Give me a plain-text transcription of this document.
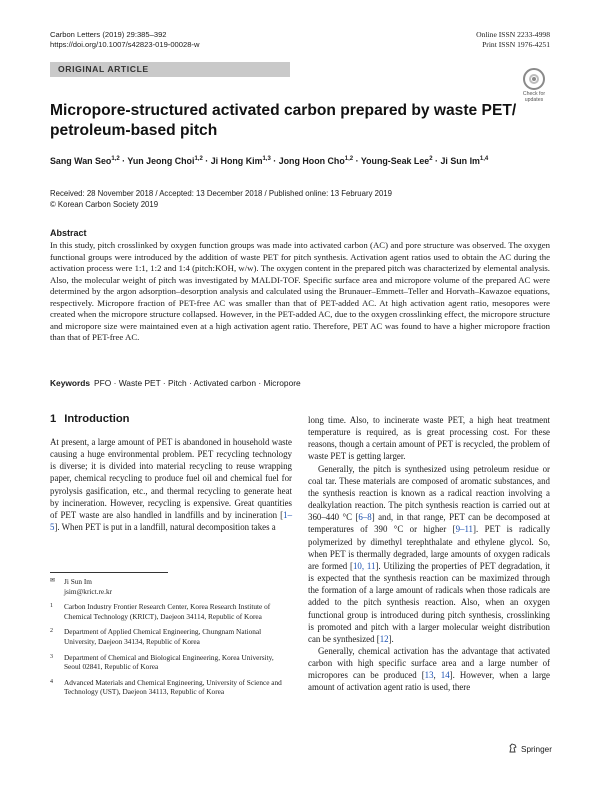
Carbon Letters (2019) 29:385–392
https://doi.org/10.1007/s42823-019-00028-w
Online ISSN 2233-4998
Print ISSN 1976-4251
ORIGINAL ARTICLE
Check for
updates
Micropore-structured activated carbon prepared by waste PET/
petroleum-based pitch
Sang Wan Seo$^{1,2}$ · Yun Jeong Choi$^{1,2}$ · Ji Hong Kim$^{1,3}$ · Jong Hoon Cho$^{1,2}$ · Young-Seak Lee$^2$ · Ji Sun Im$^{1,4}$
Received: 28 November 2018 / Accepted: 13 December 2018 / Published online: 13 February 2019
© Korean Carbon Society 2019
Abstract
In this study, pitch crosslinked by oxygen function groups was made into activated carbon (AC) and pore structure was observed. The oxygen functional groups were introduced by the addition of waste PET for pitch synthesis. Activation agent ratios used to obtain the AC during the activation process were 1:1, 1:2 and 1:4 (pitch:KOH, w/w). The oxygen content in the prepared pitch was characterized by elemental analysis. Also, the molecular weight of pitch was investigated by MALDI-TOF. Specific surface area and micropore volume of the prepared AC were determined by the argon adsorption–desorption analysis and calculated using the Brunauer–Emmett–Teller and Horvath–Kawazoe equations, respectively. Micropore fraction of PET-free AC was smaller than that of PET-added AC. At high activation agent ratio, mesopores were created when the micropore structure collapsed. However, in the PET-added AC, due to the oxygen crosslinking effect, the micropore structure and micropore size were maintained even at a high activation agent ratio. Therefore, PET AC was found to have a higher micropore fraction than that of PET-free AC.
Keywords PFO · Waste PET · Pitch · Activated carbon · Micropore
1 Introduction

At present, a large amount of PET is abandoned in household waste causing a huge environmental problem. PET recycling technology is diverse; it is divided into material recycling to reuse wrapping paper, chemical recycling to produce fuel oil and chemical fuel for pyrolysis gasification, etc., and thermal recycling to generate heat by incineration. However, recycling is expensive. Great quantities of PET waste are also handled in landfills and by incineration [1–5]. When PET is put in a landfill, natural decomposition takes a

long time. Also, to incinerate waste PET, a high heat treatment temperature is required, as is great processing cost. For these reasons, though a certain amount of PET is recycled, the problem of waste PET is getting larger.

Generally, the pitch is synthesized using petroleum residue or coal tar. These materials are composed of aromatic substances, and the synthesis reaction is known as a radical reaction involving a dealkylation reaction. The pitch synthesis reaction is carried out at 360–440 °C [6–8] and, in that range, PET can be decomposed at temperatures of 390 °C or higher [9–11]. PET is radically polymerized by dimethyl terephthalate and ethylene glycol. So, when PET is thermally degraded, large amounts of oxygen radicals are formed [10, 11]. Utilizing the properties of PET degradation, it is expected that the synthesis reaction can be maximized through the formation of a large amount of radicals when those radicals are added to the pitch synthesis reaction. Also, when an oxygen functional group is introduced during pitch synthesis, crosslinking is promoted and pitch with a larger molecular weight distribution can be synthesized [12].

Generally, chemical activation has the advantage that activated carbon with high specific surface area and a large number of micropores can be produced [13, 14]. However, when a large amount of activation agent ratio is used, there

✉ Ji Sun Im
jsim@krict.re.kr
1 Carbon Industry Frontier Research Center, Korea Research Institute of Chemical Technology (KRICT), Daejeon 34114, Republic of Korea
2 Department of Applied Chemical Engineering, Chungnam National University, Daejeon 34134, Republic of Korea
3 Department of Chemical and Biological Engineering, Korea University, Seoul 02841, Republic of Korea
4 Advanced Materials and Chemical Engineering, University of Science and Technology (UST), Daejeon 34113, Republic of Korea
Springer
